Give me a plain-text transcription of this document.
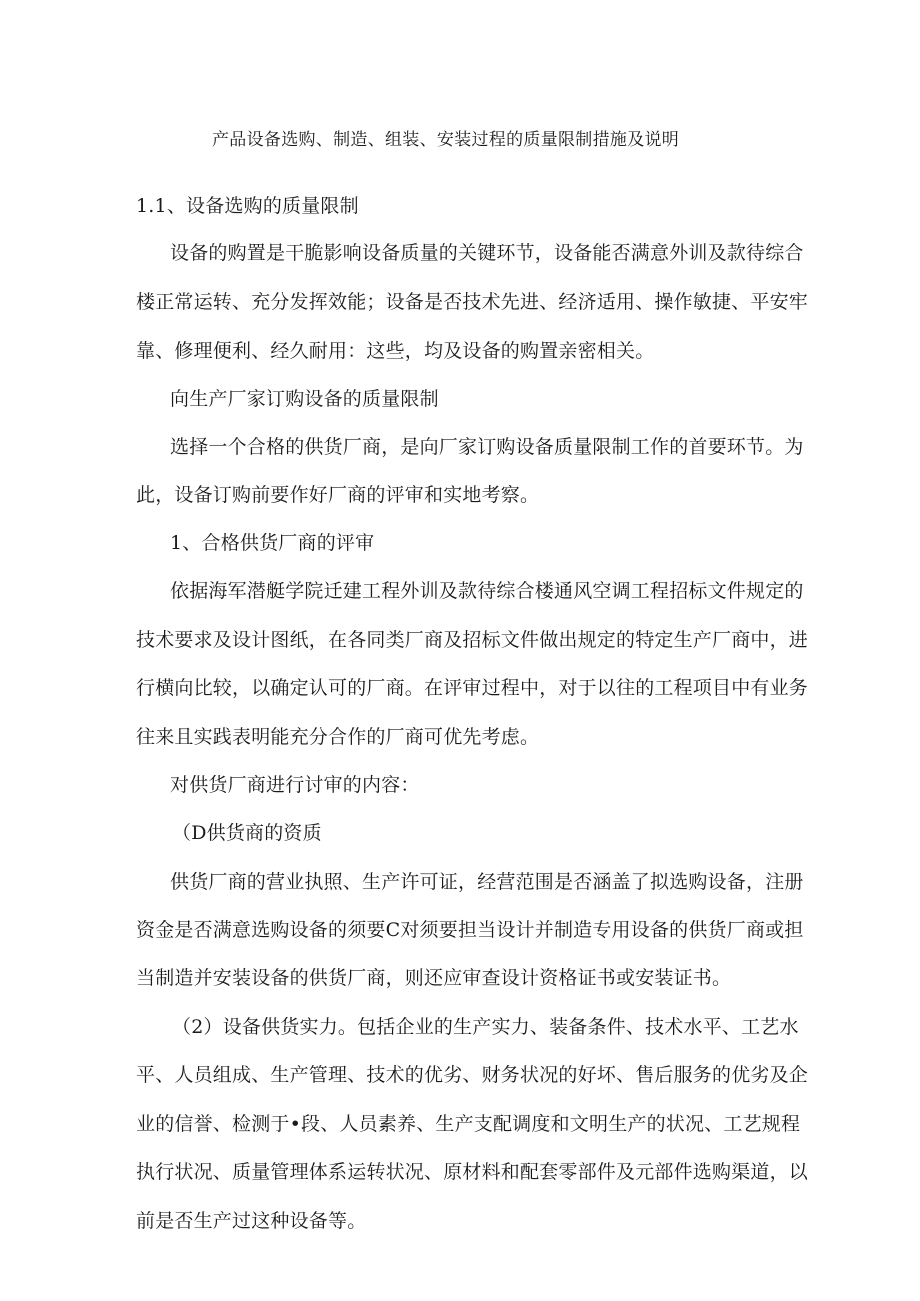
产品设备选购、制造、组装、安装过程的质量限制措施及说明
1.1、设备选购的质量限制
设备的购置是干脆影响设备质量的关键环节，设备能否满意外训及款待综合
楼正常运转、充分发挥效能；设备是否技术先进、经济适用、操作敏捷、平安牢
靠、修理便利、经久耐用：这些，均及设备的购置亲密相关。
向生产厂家订购设备的质量限制
选择一个合格的供货厂商，是向厂家订购设备质量限制工作的首要环节。为
此，设备订购前要作好厂商的评审和实地考察。
1、合格供货厂商的评审
依据海军潜艇学院迁建工程外训及款待综合楼通风空调工程招标文件规定的
技术要求及设计图纸，在各同类厂商及招标文件做出规定的特定生产厂商中，进
行横向比较，以确定认可的厂商。在评审过程中，对于以往的工程项目中有业务
往来且实践表明能充分合作的厂商可优先考虑。
对供货厂商进行讨审的内容：
（D供货商的资质
供货厂商的营业执照、生产许可证，经营范围是否涵盖了拟选购设备，注册
资金是否满意选购设备的须要C对须要担当设计并制造专用设备的供货厂商或担
当制造并安装设备的供货厂商，则还应审查设计资格证书或安装证书。
（2）设备供货实力。包括企业的生产实力、装备条件、技术水平、工艺水
平、人员组成、生产管理、技术的优劣、财务状况的好坏、售后服务的优劣及企
业的信誉、检测于•段、人员素养、生产支配调度和文明生产的状况、工艺规程
执行状况、质量管理体系运转状况、原材料和配套零部件及元部件选购渠道，以
前是否生产过这种设备等。
